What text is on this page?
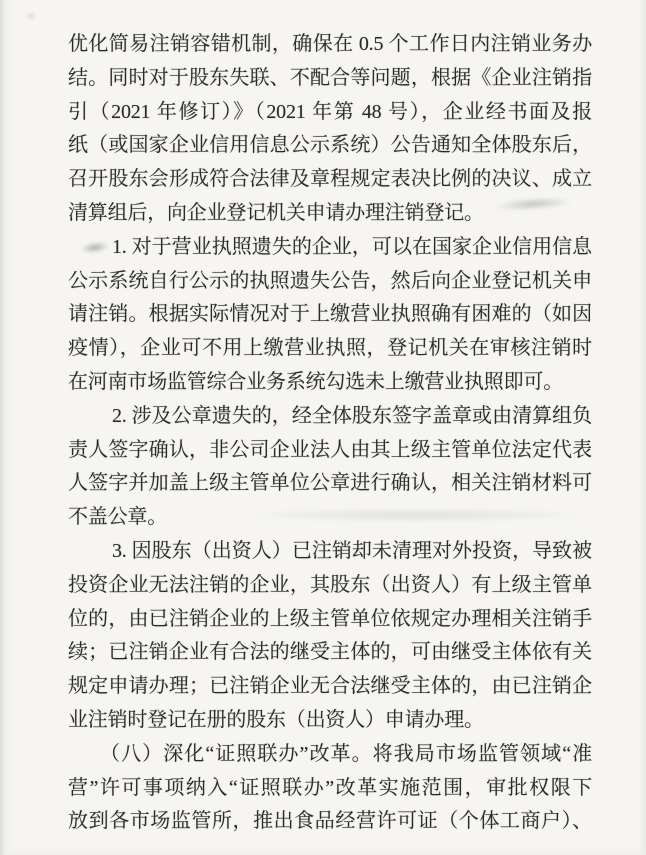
优化简易注销容错机制，确保在 0.5 个工作日内注销业务办
结。同时对于股东失联、不配合等问题，根据《企业注销指
引（2021 年修订）》（2021 年第 48 号），企业经书面及报
纸（或国家企业信用信息公示系统）公告通知全体股东后，
召开股东会形成符合法律及章程规定表决比例的决议、成立
清算组后，向企业登记机关申请办理注销登记。
1. 对于营业执照遗失的企业，可以在国家企业信用信息
公示系统自行公示的执照遗失公告，然后向企业登记机关申
请注销。根据实际情况对于上缴营业执照确有困难的（如因
疫情），企业可不用上缴营业执照，登记机关在审核注销时
在河南市场监管综合业务系统勾选未上缴营业执照即可。
2. 涉及公章遗失的，经全体股东签字盖章或由清算组负
责人签字确认，非公司企业法人由其上级主管单位法定代表
人签字并加盖上级主管单位公章进行确认，相关注销材料可
不盖公章。
3. 因股东（出资人）已注销却未清理对外投资，导致被
投资企业无法注销的企业，其股东（出资人）有上级主管单
位的，由已注销企业的上级主管单位依规定办理相关注销手
续；已注销企业有合法的继受主体的，可由继受主体依有关
规定申请办理；已注销企业无合法继受主体的，由已注销企
业注销时登记在册的股东（出资人）申请办理。
（八）深化“证照联办”改革。将我局市场监管领域“准
营”许可事项纳入“证照联办”改革实施范围，审批权限下
放到各市场监管所，推出食品经营许可证（个体工商户）、
